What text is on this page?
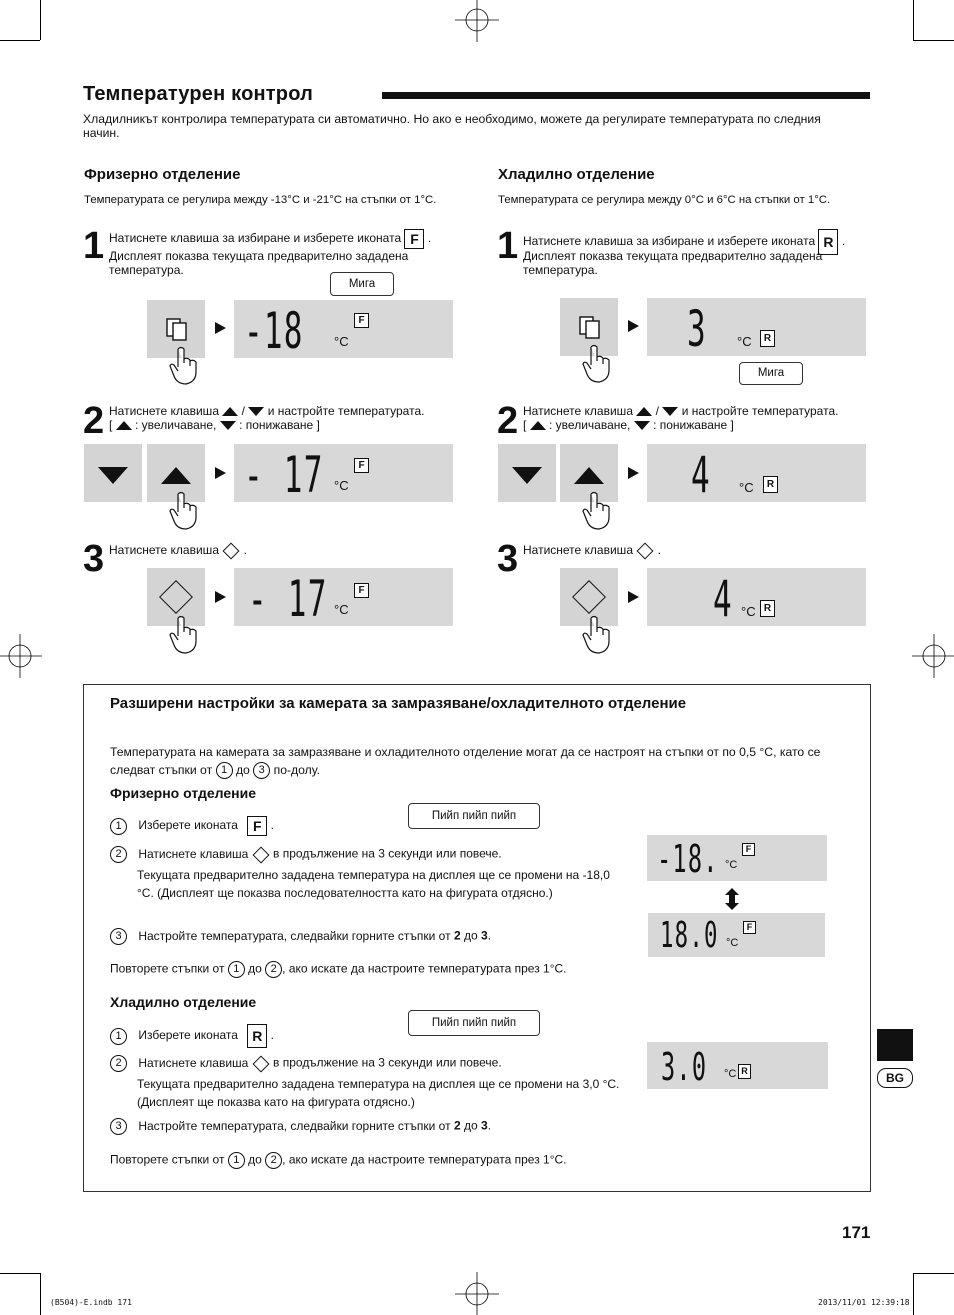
Температурен контрол
Хладилникът контролира температурата си автоматично. Но ако е необходимо, можете да регулирате температурата по следния начин.
Фризерно отделение
Температурата се регулира между -13°C и -21°C на стъпки от 1°C.
1 Натиснете клавиша за избиране и изберете иконата F .
Дисплеят показва текущата предварително зададена температура.
Мига
-18 °C
F
2 Натиснете клавиша  /  и настройте температурата.
[  : увеличаване, : понижаване ]
- 17 °C
F
3 Натиснете клавиша  .
- 17 °C
F
Хладилно отделение
Температурата се регулира между 0°C и 6°C на стъпки от 1°C.
1 Натиснете клавиша за избиране и изберете иконата R .
Дисплеят показва текущата предварително зададена температура.
3 °C	R
Мига
2 Натиснете клавиша  /  и настройте температурата.
[  : увеличаване, : понижаване ]
4 °C	R
3 Натиснете клавиша  .
4 °C R
Разширени настройки за камерата за замразяване/охладителното отделение
Температурата на камерата за замразяване и охладителното отделение могат да се настроят на стъпки от по 0,5 °C, като се следват стъпки от 1 до 3 по-долу.
Фризерно отделение
1 Изберете иконата F .
Пийп пийп пийп
2 Натиснете клавиша в продължение на 3 секунди или повече.
Текущата предварително зададена температура на дисплея ще се промени на -18,0 °C. (Дисплеят ще показва последователността като на фигурата отдясно.)
3 Настройте температурата, следвайки горните стъпки от 2 до 3.
Повторете стъпки от 1 до 2 , ако искате да настроите температурата през 1°C.
-18. °C
F
18.0 °C
F
Хладилно отделение
1 Изберете иконата R .
Пийп пийп пийп
2 Натиснете клавиша в продължение на 3 секунди или повече.
Текущата предварително зададена температура на дисплея ще се промени на 3,0 °C. (Дисплеят ще показва като на фигурата отдясно.)
3 Настройте температурата, следвайки горните стъпки от 2 до 3.
Повторете стъпки от 1 до 2 , ако искате да настроите температурата през 1°C.
3.0 °C R	BG
171
(B504)-E.indb 171	2013/11/01 12:39:18
